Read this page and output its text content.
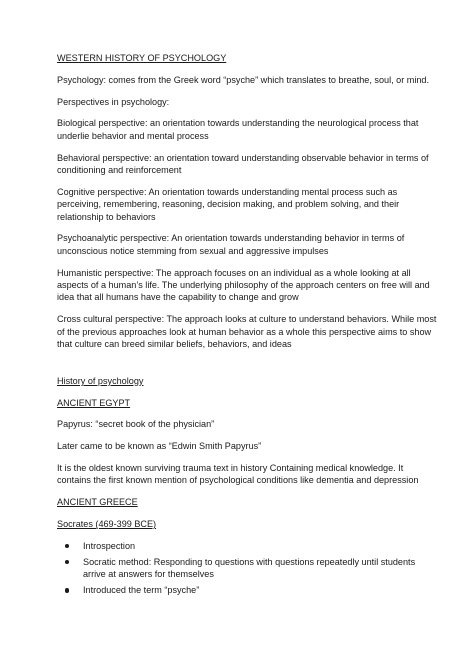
WESTERN HISTORY OF PSYCHOLOGY

Psychology: comes from the Greek word “psyche” which translates to breathe, soul, or mind.

Perspectives in psychology:

Biological perspective: an orientation towards understanding the neurological process that underlie behavior and mental process

Behavioral perspective: an orientation toward understanding observable behavior in terms of conditioning and reinforcement

Cognitive perspective: An orientation towards understanding mental process such as perceiving, remembering, reasoning, decision making, and problem solving, and their relationship to behaviors

Psychoanalytic perspective: An orientation towards understanding behavior in terms of unconscious notice stemming from sexual and aggressive impulses

Humanistic perspective: The approach focuses on an individual as a whole looking at all aspects of a human’s life. The underlying philosophy of the approach centers on free will and idea that all humans have the capability to change and grow

Cross cultural perspective: The approach looks at culture to understand behaviors. While most of the previous approaches look at human behavior as a whole this perspective aims to show that culture can breed similar beliefs, behaviors, and ideas

History of psychology

ANCIENT EGYPT

Papyrus: “secret book of the physician”

Later came to be known as “Edwin Smith Papyrus”

It is the oldest known surviving trauma text in history Containing medical knowledge. It contains the first known mention of psychological conditions like dementia and depression

ANCIENT GREECE

Socrates (469-399 BCE)

Introspection
Socratic method: Responding to questions with questions repeatedly until students arrive at answers for themselves
Introduced the term “psyche”
